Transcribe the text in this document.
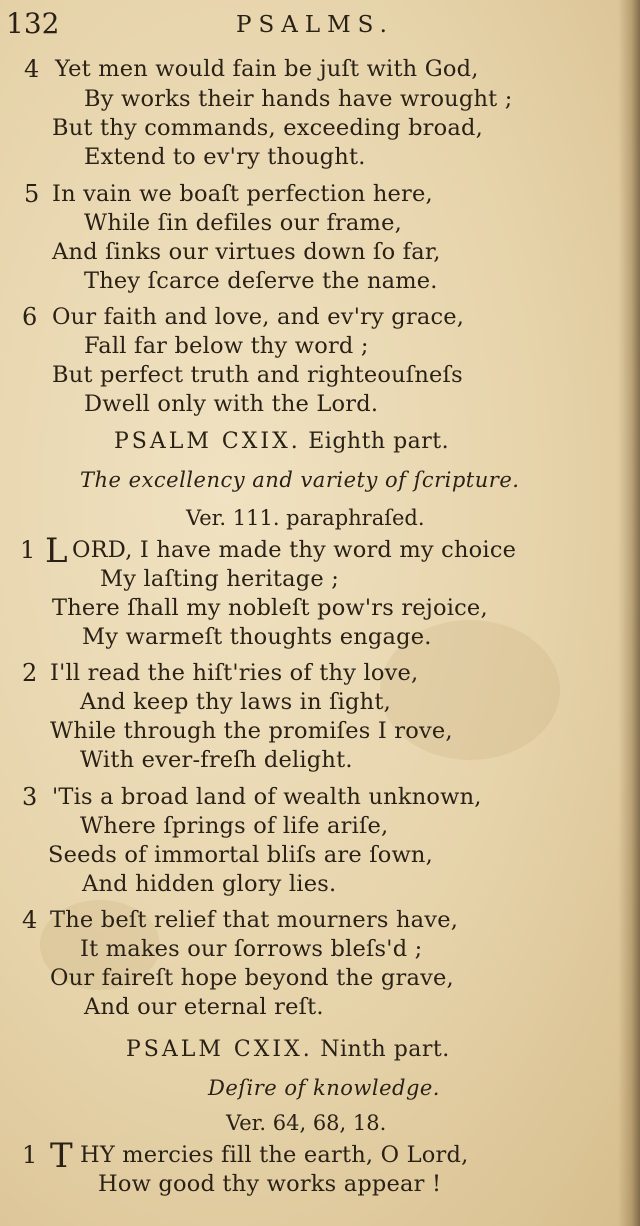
132	PSALMS.
4 Yet men would fain be juſt with God,
By works their hands have wrought ;
But thy commands, exceeding broad,
Extend to ev'ry thought.
5 In vain we boaſt perfection here,
While ſin defiles our frame,
And ſinks our virtues down ſo far,
They ſcarce deſerve the name.
6 Our faith and love, and ev'ry grace,
Fall far below thy word ;
But perfect truth and righteouſneſs
Dwell only with the Lord.
PSALM CXIX. Eighth part.
The excellency and variety of ſcripture.
Ver. 111. paraphraſed.
1 L ORD, I have made thy word my choice
My laſting heritage ;
There ſhall my nobleſt pow'rs rejoice,
My warmeſt thoughts engage.
2 I'll read the hiſt'ries of thy love,
And keep thy laws in ſight,
While through the promiſes I rove,
With ever-freſh delight.
3 'Tis a broad land of wealth unknown,
Where ſprings of life ariſe,
Seeds of immortal bliſs are ſown,
And hidden glory lies.
4 The beſt relief that mourners have,
It makes our ſorrows bleſs'd ;
Our faireſt hope beyond the grave,
And our eternal reſt.
PSALM CXIX. Ninth part.
Deſire of knowledge.
Ver. 64, 68, 18.
1 T HY mercies fill the earth, O Lord,
How good thy works appear !
